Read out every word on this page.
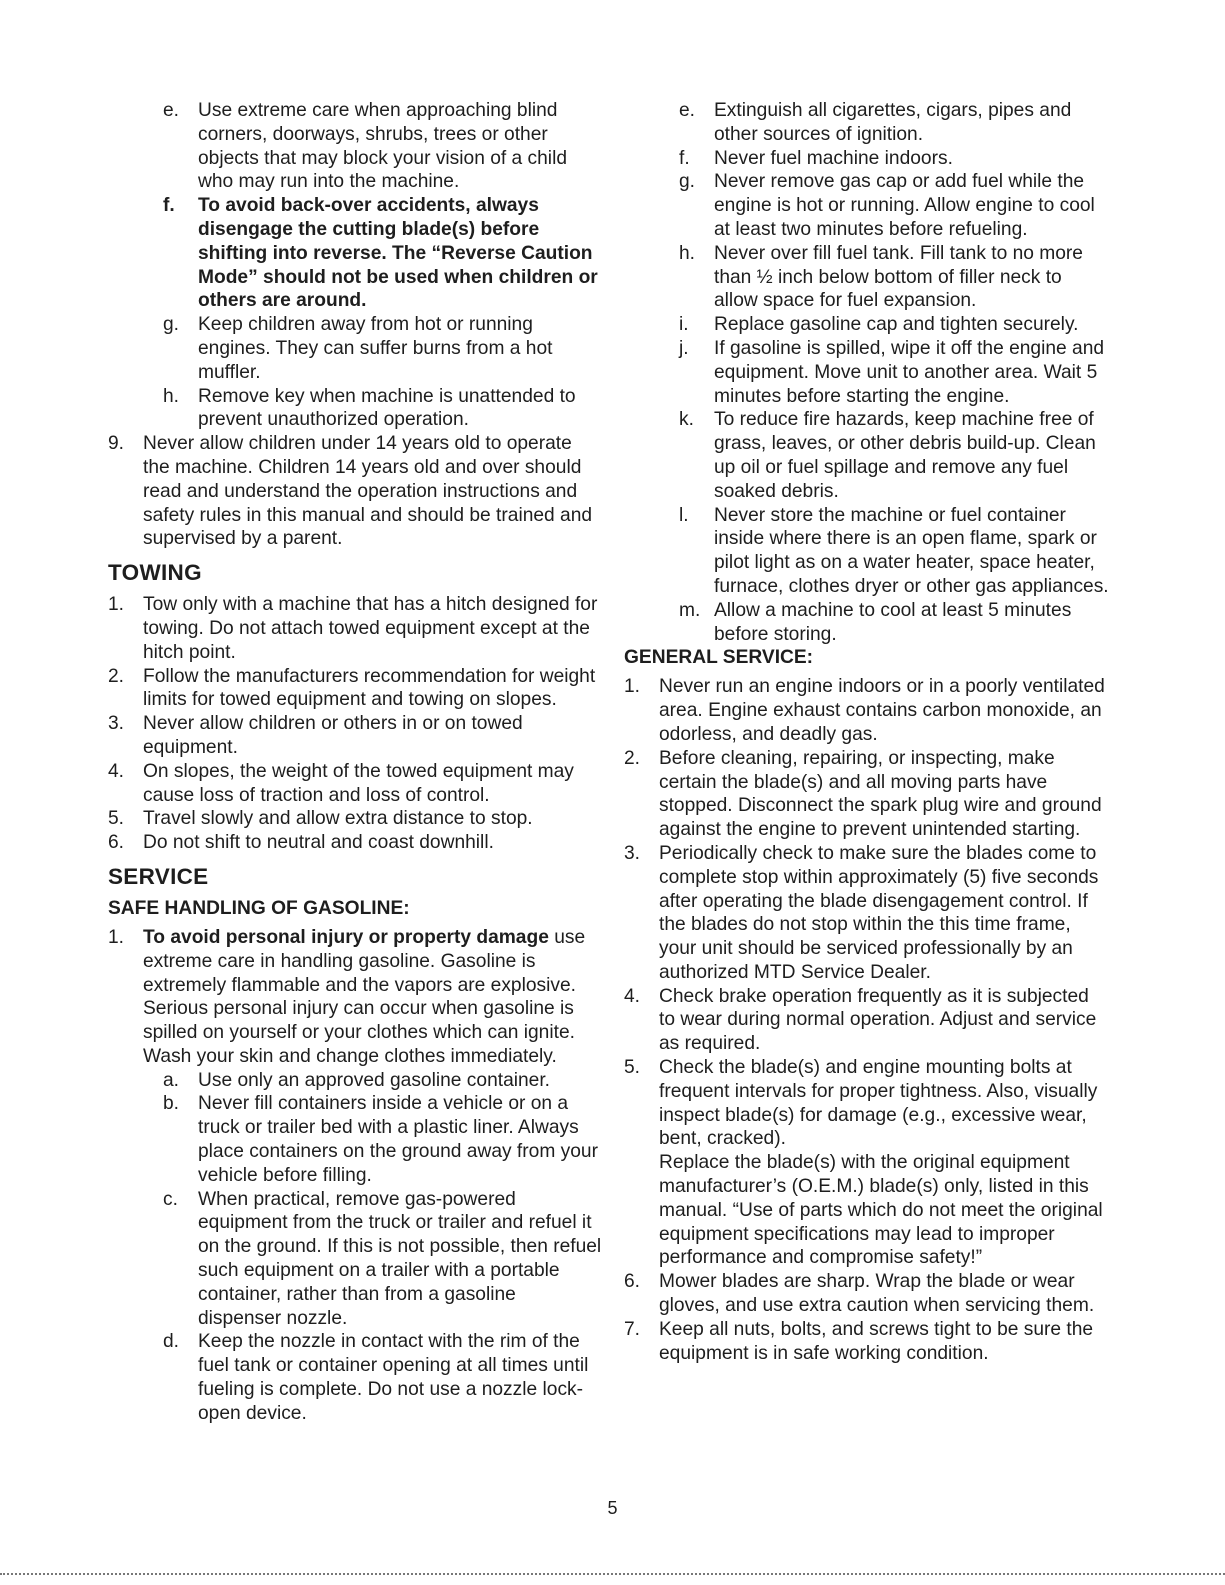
e. Use extreme care when approaching blind corners, doorways, shrubs, trees or other objects that may block your vision of a child who may run into the machine.

f. To avoid back-over accidents, always disengage the cutting blade(s) before shifting into reverse. The “Reverse Caution Mode” should not be used when children or others are around.

g. Keep children away from hot or running engines. They can suffer burns from a hot muffler.

h. Remove key when machine is unattended to prevent unauthorized operation.

9. Never allow children under 14 years old to operate the machine. Children 14 years old and over should read and understand the operation instructions and safety rules in this manual and should be trained and supervised by a parent.

TOWING

1. Tow only with a machine that has a hitch designed for towing. Do not attach towed equipment except at the hitch point.

2. Follow the manufacturers recommendation for weight limits for towed equipment and towing on slopes.

3. Never allow children or others in or on towed equipment.

4. On slopes, the weight of the towed equipment may cause loss of traction and loss of control.

5. Travel slowly and allow extra distance to stop.

6. Do not shift to neutral and coast downhill.

SERVICE
SAFE HANDLING OF GASOLINE:

1. To avoid personal injury or property damage use extreme care in handling gasoline. Gasoline is extremely flammable and the vapors are explosive. Serious personal injury can occur when gasoline is spilled on yourself or your clothes which can ignite. Wash your skin and change clothes immediately.

a. Use only an approved gasoline container.

b. Never fill containers inside a vehicle or on a truck or trailer bed with a plastic liner. Always place containers on the ground away from your vehicle before filling.

c. When practical, remove gas-powered equipment from the truck or trailer and refuel it on the ground. If this is not possible, then refuel such equipment on a trailer with a portable container, rather than from a gasoline dispenser nozzle.

d. Keep the nozzle in contact with the rim of the fuel tank or container opening at all times until fueling is complete. Do not use a nozzle lock-open device.

e. Extinguish all cigarettes, cigars, pipes and other sources of ignition.

f. Never fuel machine indoors.

g. Never remove gas cap or add fuel while the engine is hot or running. Allow engine to cool at least two minutes before refueling.

h. Never over fill fuel tank. Fill tank to no more than ½ inch below bottom of filler neck to allow space for fuel expansion.

i. Replace gasoline cap and tighten securely.

j. If gasoline is spilled, wipe it off the engine and equipment. Move unit to another area. Wait 5 minutes before starting the engine.

k. To reduce fire hazards, keep machine free of grass, leaves, or other debris build-up. Clean up oil or fuel spillage and remove any fuel soaked debris.

l. Never store the machine or fuel container inside where there is an open flame, spark or pilot light as on a water heater, space heater, furnace, clothes dryer or other gas appliances.

m. Allow a machine to cool at least 5 minutes before storing.

GENERAL SERVICE:

1. Never run an engine indoors or in a poorly ventilated area. Engine exhaust contains carbon monoxide, an odorless, and deadly gas.

2. Before cleaning, repairing, or inspecting, make certain the blade(s) and all moving parts have stopped. Disconnect the spark plug wire and ground against the engine to prevent unintended starting.

3. Periodically check to make sure the blades come to complete stop within approximately (5) five seconds after operating the blade disengagement control. If the blades do not stop within the this time frame, your unit should be serviced professionally by an authorized MTD Service Dealer.

4. Check brake operation frequently as it is subjected to wear during normal operation. Adjust and service as required.

5. Check the blade(s) and engine mounting bolts at frequent intervals for proper tightness. Also, visually inspect blade(s) for damage (e.g., excessive wear, bent, cracked).

Replace the blade(s) with the original equipment manufacturer’s (O.E.M.) blade(s) only, listed in this manual. “Use of parts which do not meet the original equipment specifications may lead to improper performance and compromise safety!”

6. Mower blades are sharp. Wrap the blade or wear gloves, and use extra caution when servicing them.

7. Keep all nuts, bolts, and screws tight to be sure the equipment is in safe working condition.

5
